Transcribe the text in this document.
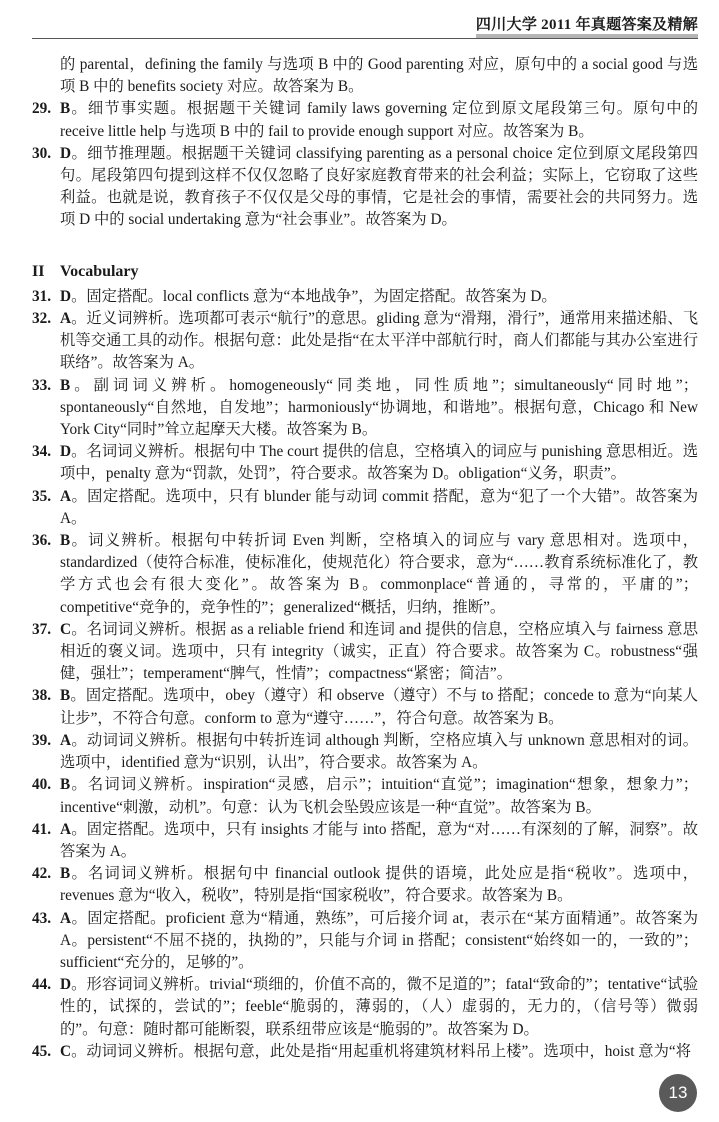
四川大学 2011 年真题答案及精解
的 parental，defining the family 与选项 B 中的 Good parenting 对应，原句中的 a social good 与选项 B 中的 benefits society 对应。故答案为 B。
29. B。细节事实题。根据题干关键词 family laws governing 定位到原文尾段第三句。原句中的 receive little help 与选项 B 中的 fail to provide enough support 对应。故答案为 B。
30. D。细节推理题。根据题干关键词 classifying parenting as a personal choice 定位到原文尾段第四句。尾段第四句提到这样不仅仅忽略了良好家庭教育带来的社会利益；实际上，它窃取了这些利益。也就是说，教育孩子不仅仅是父母的事情，它是社会的事情，需要社会的共同努力。选项 D 中的 social undertaking 意为“社会事业”。故答案为 D。
II Vocabulary
31. D。固定搭配。local conflicts 意为“本地战争”，为固定搭配。故答案为 D。
32. A。近义词辨析。选项都可表示“航行”的意思。gliding 意为“滑翔，滑行”，通常用来描述船、飞机等交通工具的动作。根据句意：此处是指“在太平洋中部航行时，商人们都能与其办公室进行联络”。故答案为 A。
33. B。副词词义辨析。homogeneously“同类地，同性质地”；simultaneously“同时地”；spontaneously“自然地，自发地”；harmoniously“协调地，和谐地”。根据句意，Chicago 和 New York City“同时”耸立起摩天大楼。故答案为 B。
34. D。名词词义辨析。根据句中 The court 提供的信息，空格填入的词应与 punishing 意思相近。选项中，penalty 意为“罚款，处罚”，符合要求。故答案为 D。obligation“义务，职责”。
35. A。固定搭配。选项中，只有 blunder 能与动词 commit 搭配，意为“犯了一个大错”。故答案为 A。
36. B。词义辨析。根据句中转折词 Even 判断，空格填入的词应与 vary 意思相对。选项中，standardized（使符合标准，使标准化，使规范化）符合要求，意为“……教育系统标准化了，教学方式也会有很大变化”。故答案为 B。commonplace“普通的，寻常的，平庸的”；competitive“竞争的，竞争性的”；generalized“概括，归纳，推断”。
37. C。名词词义辨析。根据 as a reliable friend 和连词 and 提供的信息，空格应填入与 fairness 意思相近的褒义词。选项中，只有 integrity（诚实，正直）符合要求。故答案为 C。robustness“强健，强壮”；temperament“脾气，性情”；compactness“紧密；简洁”。
38. B。固定搭配。选项中，obey（遵守）和 observe（遵守）不与 to 搭配；concede to 意为“向某人让步”，不符合句意。conform to 意为“遵守……”，符合句意。故答案为 B。
39. A。动词词义辨析。根据句中转折连词 although 判断，空格应填入与 unknown 意思相对的词。选项中，identified 意为“识别，认出”，符合要求。故答案为 A。
40. B。名词词义辨析。inspiration“灵感，启示”；intuition“直觉”；imagination“想象，想象力”；incentive“刺激，动机”。句意：认为飞机会坠毁应该是一种“直觉”。故答案为 B。
41. A。固定搭配。选项中，只有 insights 才能与 into 搭配，意为“对……有深刻的了解，洞察”。故答案为 A。
42. B。名词词义辨析。根据句中 financial outlook 提供的语境，此处应是指“税收”。选项中，revenues 意为“收入，税收”，特别是指“国家税收”，符合要求。故答案为 B。
43. A。固定搭配。proficient 意为“精通，熟练”，可后接介词 at，表示在“某方面精通”。故答案为 A。persistent“不屈不挠的，执拗的”，只能与介词 in 搭配；consistent“始终如一的，一致的”；sufficient“充分的，足够的”。
44. D。形容词词义辨析。trivial“琐细的，价值不高的，微不足道的”；fatal“致命的”；tentative“试验性的，试探的，尝试的”；feeble“脆弱的，薄弱的，（人）虚弱的，无力的，（信号等）微弱的”。句意：随时都可能断裂，联系纽带应该是“脆弱的”。故答案为 D。
45. C。动词词义辨析。根据句意，此处是指“用起重机将建筑材料吊上楼”。选项中，hoist 意为“将
13
